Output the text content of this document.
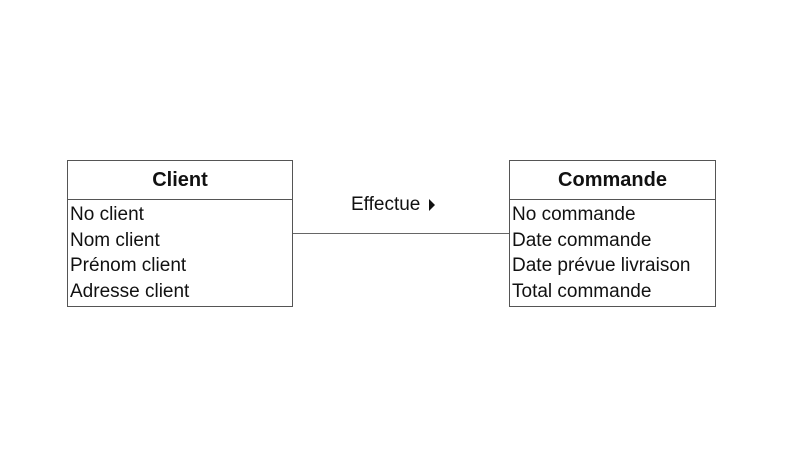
Client
No client
Nom client
Prénom client
Adresse client
Effectue
Commande
No commande
Date commande
Date prévue livraison
Total commande
